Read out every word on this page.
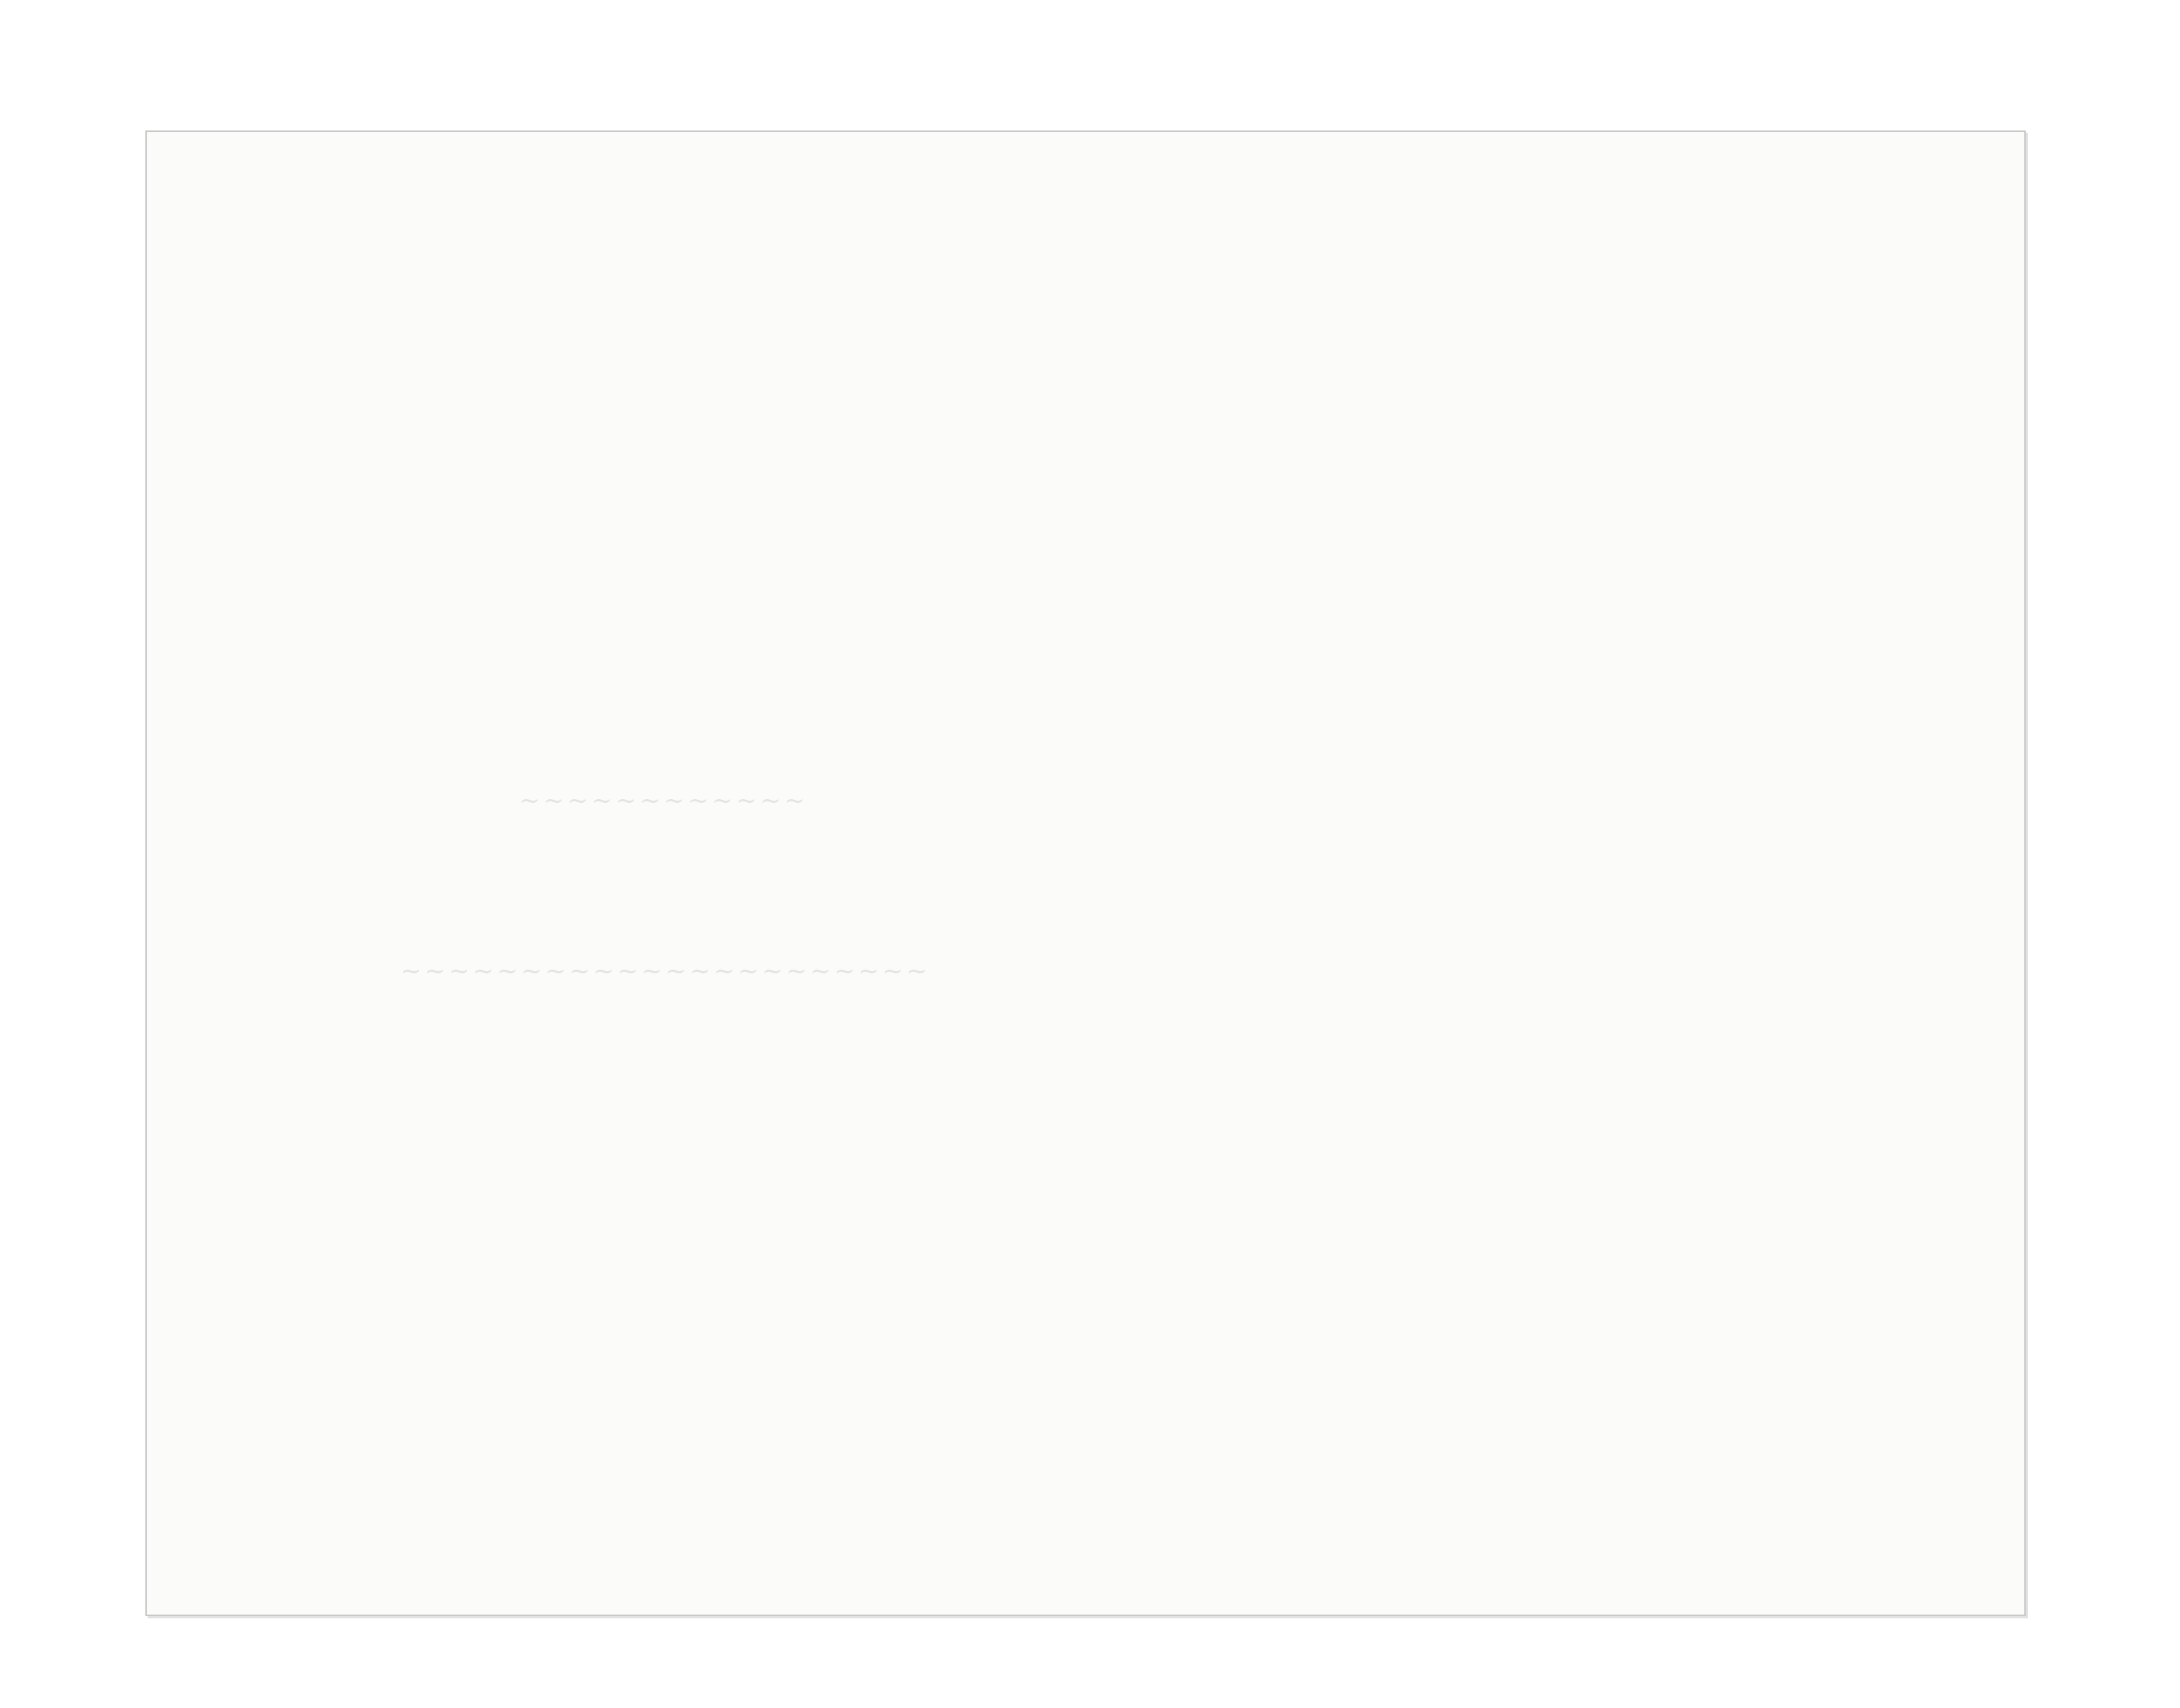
~~~~~~~~~~~~
~~~~~~~~~~~~~~~~~~~~~~
